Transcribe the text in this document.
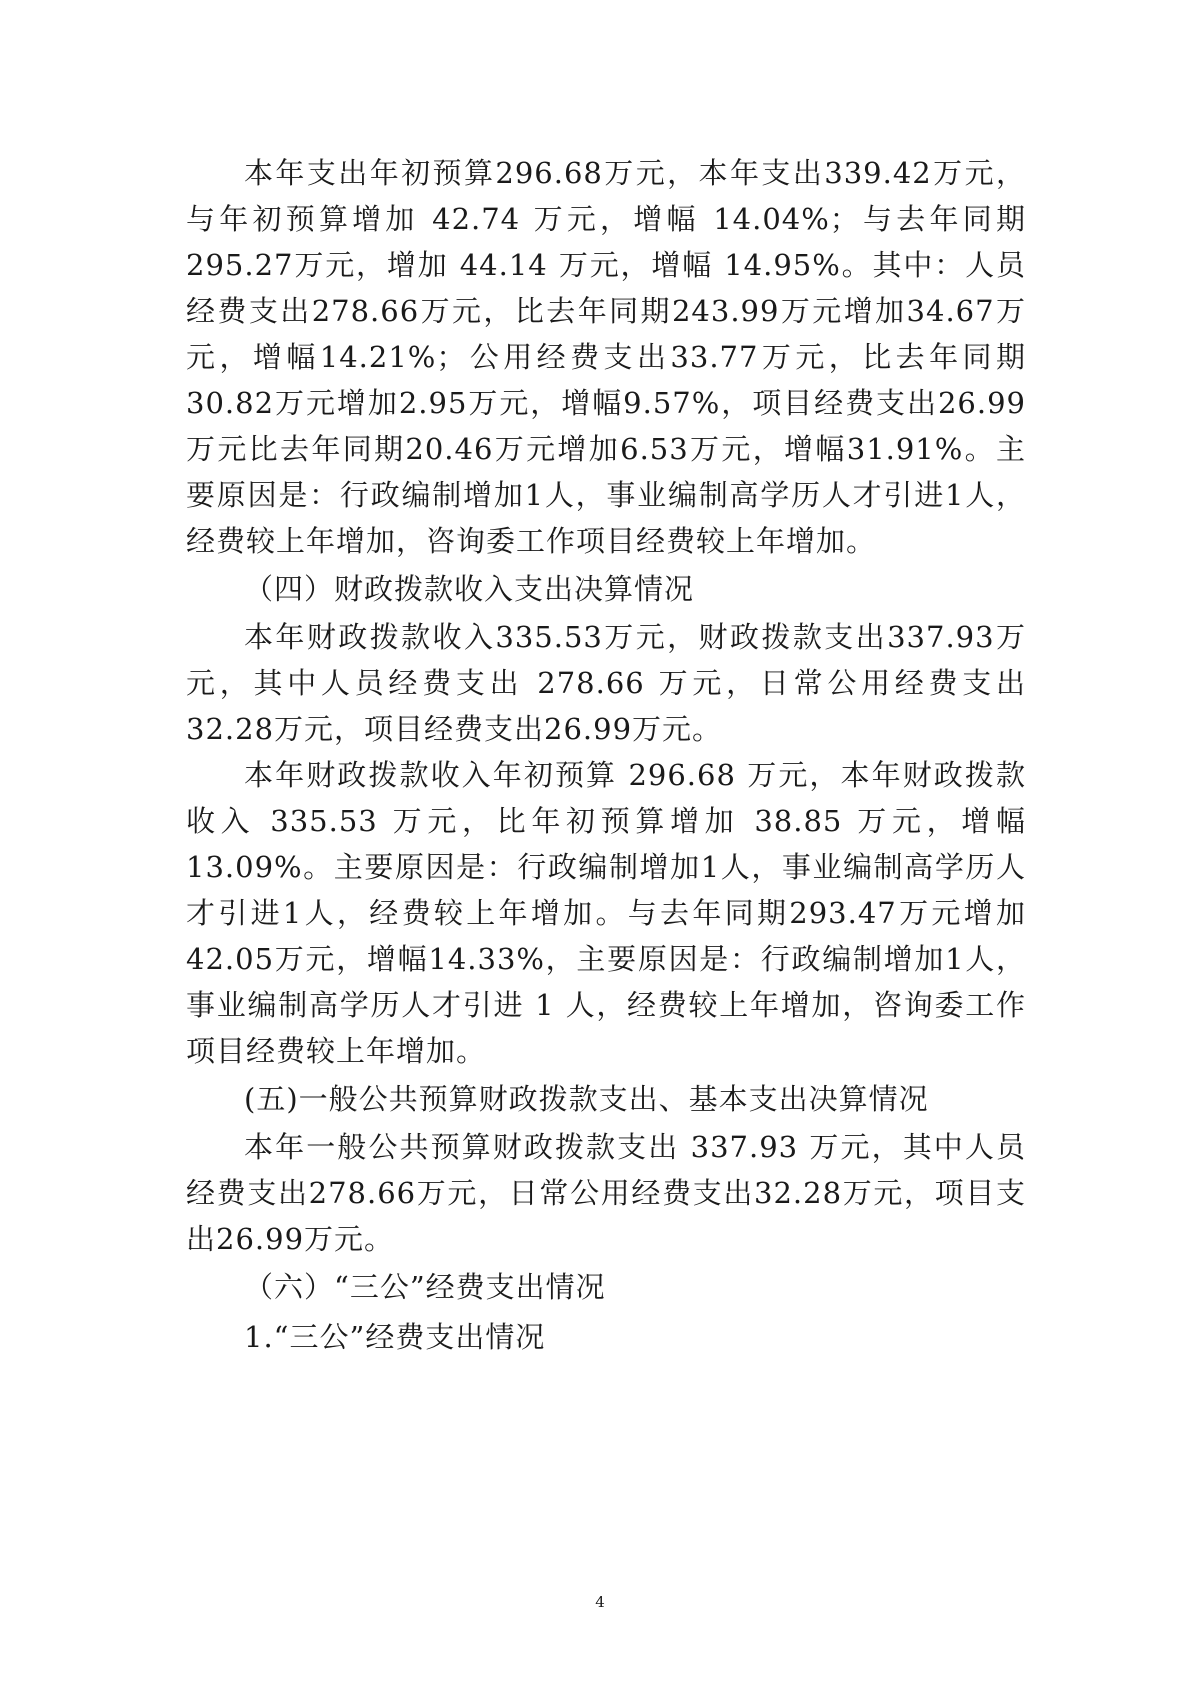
本年支出年初预算296.68万元，本年支出339.42万元，与年初预算增加 42.74 万元，增幅 14.04%；与去年同期295.27万元，增加 44.14 万元，增幅 14.95%。其中：人员经费支出278.66万元，比去年同期243.99万元增加34.67万元，增幅14.21%；公用经费支出33.77万元，比去年同期30.82万元增加2.95万元，增幅9.57%，项目经费支出26.99万元比去年同期20.46万元增加6.53万元，增幅31.91%。主要原因是：行政编制增加1人，事业编制高学历人才引进1人，经费较上年增加，咨询委工作项目经费较上年增加。

（四）财政拨款收入支出决算情况

本年财政拨款收入335.53万元，财政拨款支出337.93万元，其中人员经费支出 278.66 万元，日常公用经费支出32.28万元，项目经费支出26.99万元。

本年财政拨款收入年初预算 296.68 万元，本年财政拨款收入 335.53 万元，比年初预算增加 38.85 万元，增幅13.09%。主要原因是：行政编制增加1人，事业编制高学历人才引进1人，经费较上年增加。与去年同期293.47万元增加42.05万元，增幅14.33%，主要原因是：行政编制增加1人，事业编制高学历人才引进 1 人，经费较上年增加，咨询委工作项目经费较上年增加。

(五)一般公共预算财政拨款支出、基本支出决算情况

本年一般公共预算财政拨款支出 337.93 万元，其中人员经费支出278.66万元，日常公用经费支出32.28万元，项目支出26.99万元。

（六）“三公”经费支出情况

1.“三公”经费支出情况

4
